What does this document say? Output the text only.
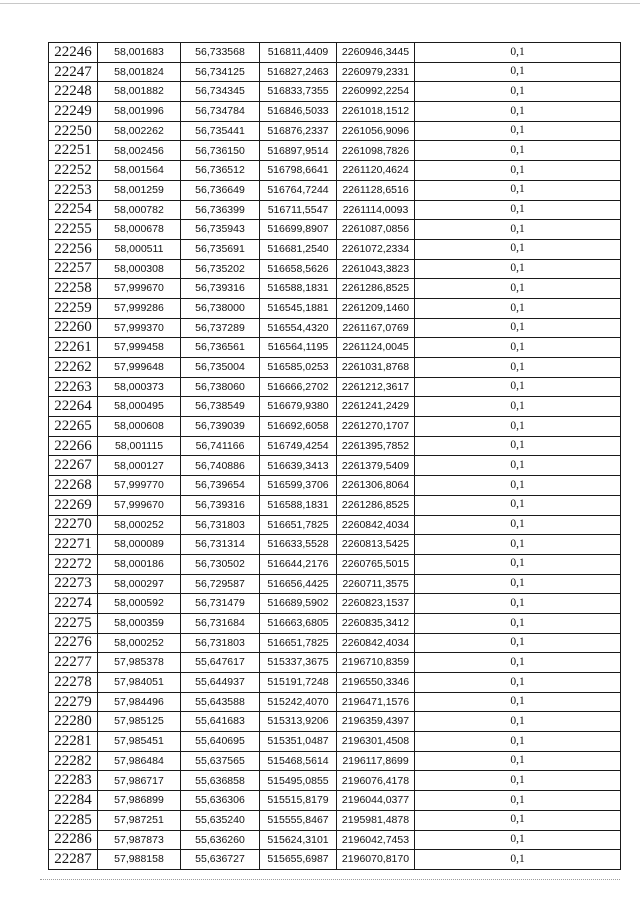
22246	58,001683	56,733568	516811,4409	2260946,3445	0,1
22247	58,001824	56,734125	516827,2463	2260979,2331	0,1
22248	58,001882	56,734345	516833,7355	2260992,2254	0,1
22249	58,001996	56,734784	516846,5033	2261018,1512	0,1
22250	58,002262	56,735441	516876,2337	2261056,9096	0,1
22251	58,002456	56,736150	516897,9514	2261098,7826	0,1
22252	58,001564	56,736512	516798,6641	2261120,4624	0,1
22253	58,001259	56,736649	516764,7244	2261128,6516	0,1
22254	58,000782	56,736399	516711,5547	2261114,0093	0,1
22255	58,000678	56,735943	516699,8907	2261087,0856	0,1
22256	58,000511	56,735691	516681,2540	2261072,2334	0,1
22257	58,000308	56,735202	516658,5626	2261043,3823	0,1
22258	57,999670	56,739316	516588,1831	2261286,8525	0,1
22259	57,999286	56,738000	516545,1881	2261209,1460	0,1
22260	57,999370	56,737289	516554,4320	2261167,0769	0,1
22261	57,999458	56,736561	516564,1195	2261124,0045	0,1
22262	57,999648	56,735004	516585,0253	2261031,8768	0,1
22263	58,000373	56,738060	516666,2702	2261212,3617	0,1
22264	58,000495	56,738549	516679,9380	2261241,2429	0,1
22265	58,000608	56,739039	516692,6058	2261270,1707	0,1
22266	58,001115	56,741166	516749,4254	2261395,7852	0,1
22267	58,000127	56,740886	516639,3413	2261379,5409	0,1
22268	57,999770	56,739654	516599,3706	2261306,8064	0,1
22269	57,999670	56,739316	516588,1831	2261286,8525	0,1
22270	58,000252	56,731803	516651,7825	2260842,4034	0,1
22271	58,000089	56,731314	516633,5528	2260813,5425	0,1
22272	58,000186	56,730502	516644,2176	2260765,5015	0,1
22273	58,000297	56,729587	516656,4425	2260711,3575	0,1
22274	58,000592	56,731479	516689,5902	2260823,1537	0,1
22275	58,000359	56,731684	516663,6805	2260835,3412	0,1
22276	58,000252	56,731803	516651,7825	2260842,4034	0,1
22277	57,985378	55,647617	515337,3675	2196710,8359	0,1
22278	57,984051	55,644937	515191,7248	2196550,3346	0,1
22279	57,984496	55,643588	515242,4070	2196471,1576	0,1
22280	57,985125	55,641683	515313,9206	2196359,4397	0,1
22281	57,985451	55,640695	515351,0487	2196301,4508	0,1
22282	57,986484	55,637565	515468,5614	2196117,8699	0,1
22283	57,986717	55,636858	515495,0855	2196076,4178	0,1
22284	57,986899	55,636306	515515,8179	2196044,0377	0,1
22285	57,987251	55,635240	515555,8467	2195981,4878	0,1
22286	57,987873	55,636260	515624,3101	2196042,7453	0,1
22287	57,988158	55,636727	515655,6987	2196070,8170	0,1
